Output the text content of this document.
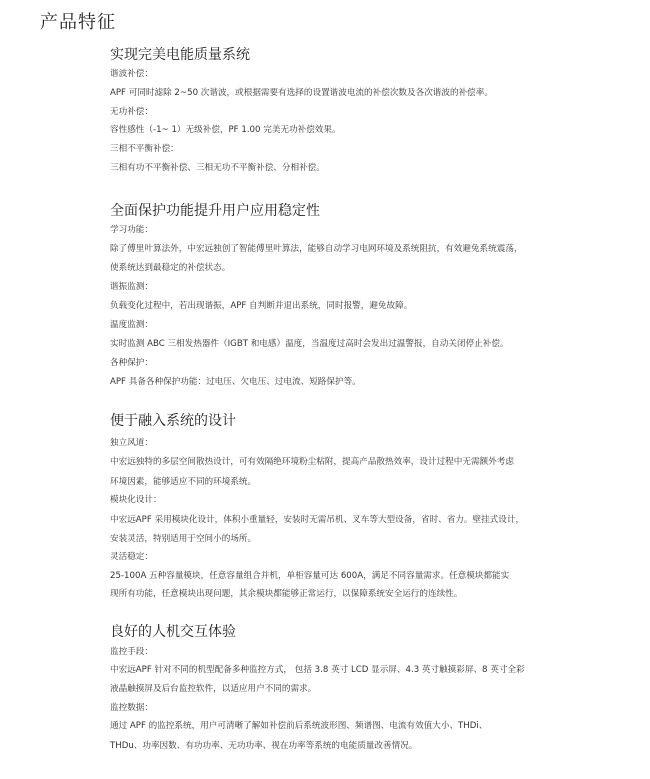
产品特征
实现完美电能质量系统
谐波补偿：
APF 可同时滤除 2~50 次谐波，或根据需要有选择的设置谐波电流的补偿次数及各次谐波的补偿率。
无功补偿：
容性感性（-1~ 1）无级补偿，PF 1.00 完美无功补偿效果。
三相不平衡补偿：
三相有功不平衡补偿、三相无功不平衡补偿、分相补偿。
全面保护功能提升用户应用稳定性
学习功能：
除了傅里叶算法外，中宏远独创了智能傅里叶算法，能够自动学习电网环境及系统阻抗，有效避免系统震荡，
使系统达到最稳定的补偿状态。
谐振监测：
负载变化过程中，若出现谐振，APF 自判断并退出系统，同时报警，避免故障。
温度监测：
实时监测 ABC 三相发热器件（IGBT 和电感）温度，当温度过高时会发出过温警报，自动关闭停止补偿。
各种保护：
APF 具备各种保护功能：过电压、欠电压、过电流、短路保护等。
便于融入系统的设计
独立风道：
中宏远独特的多层空间散热设计，可有效隔绝环境粉尘粘附，提高产品散热效率，设计过程中无需额外考虑
环境因素，能够适应不同的环境系统。
模块化设计：
中宏远APF 采用模块化设计，体积小重量轻，安装时无需吊机、叉车等大型设备，省时、省力。壁挂式设计，
安装灵活，特别适用于空间小的场所。
灵活稳定：
25-100A 五种容量模块，任意容量组合并机，单柜容量可达 600A，满足不同容量需求。任意模块都能实
现所有功能，任意模块出现问题，其余模块都能够正常运行，以保障系统安全运行的连续性。
良好的人机交互体验
监控手段：
中宏远APF 针对不同的机型配备多种监控方式， 包括 3.8 英寸 LCD 显示屏、4.3 英寸触摸彩屏、8 英寸全彩
液晶触摸屏及后台监控软件，以适应用户不同的需求。
监控数据：
通过 APF 的监控系统，用户可清晰了解如补偿前后系统波形图、频谱图、电流有效值大小、THDi、
THDu、功率因数、有功功率、无功功率、视在功率等系统的电能质量改善情况。
